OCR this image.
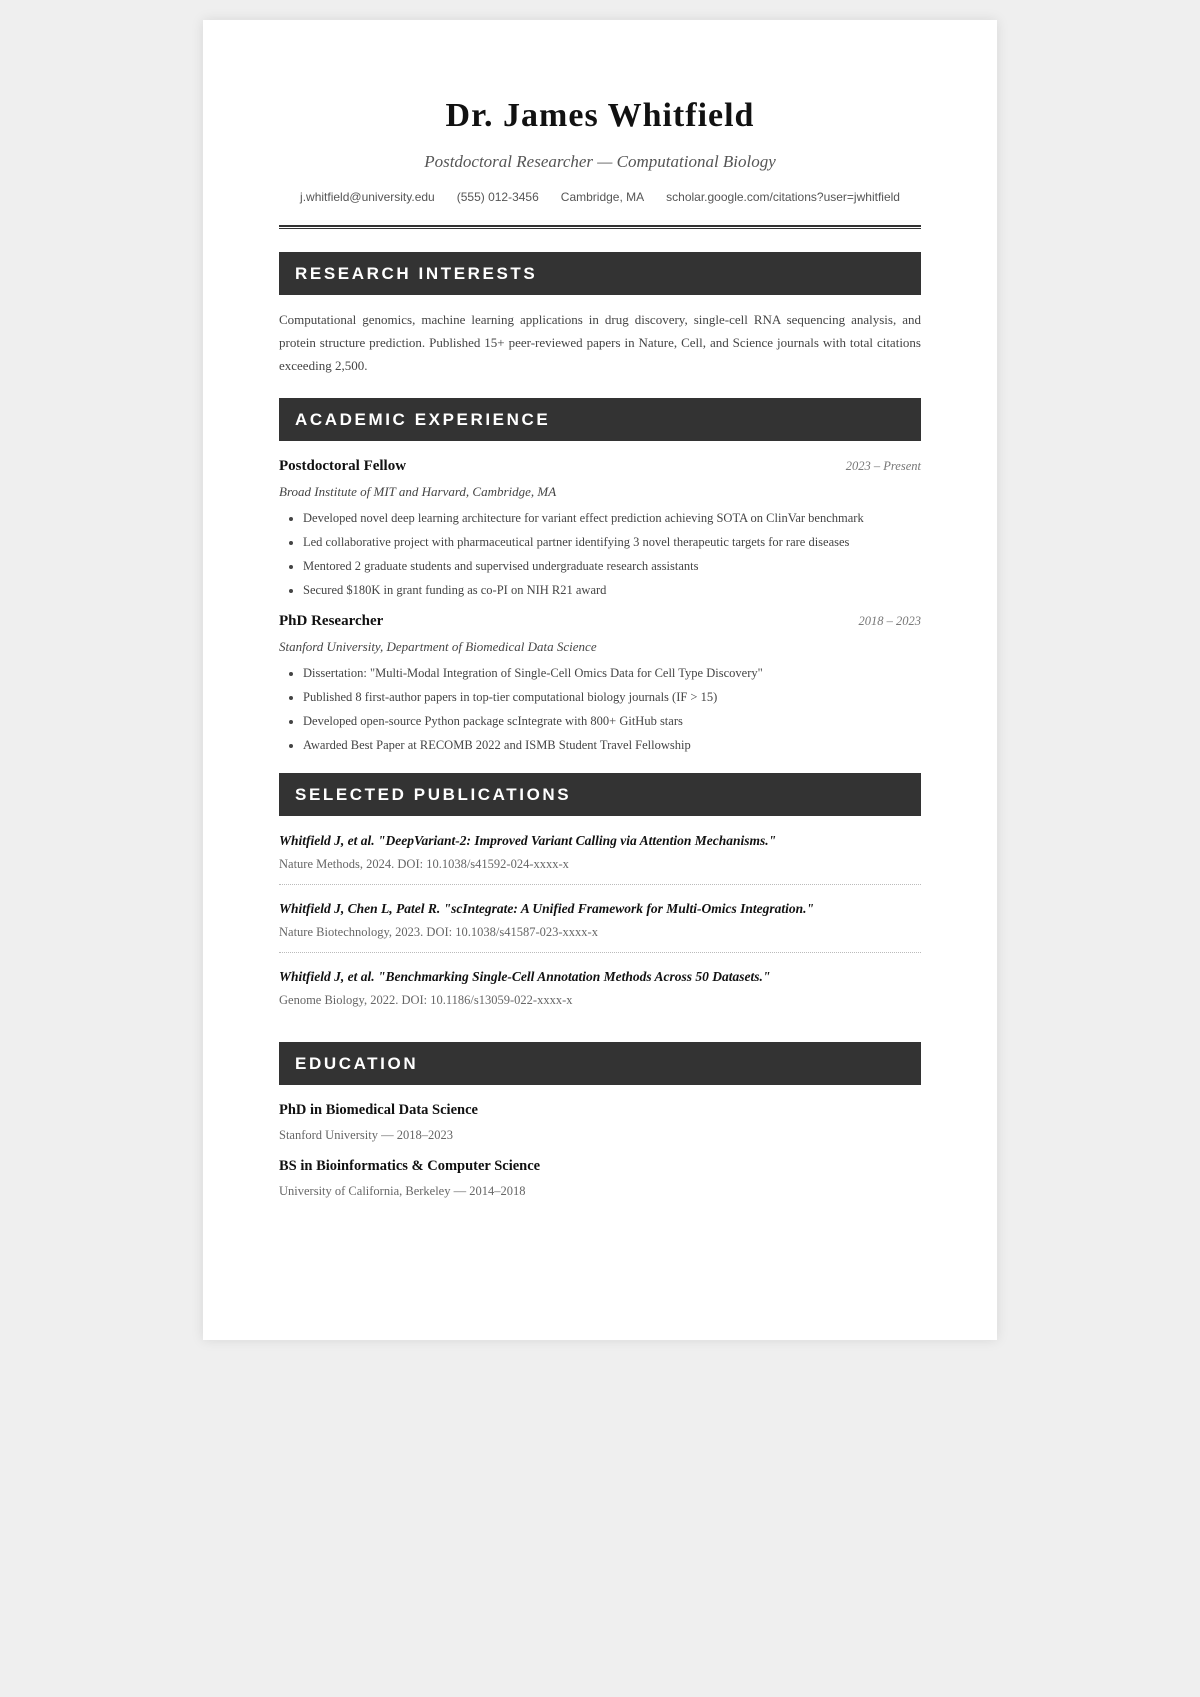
Dr. James Whitfield
Postdoctoral Researcher — Computational Biology
j.whitfield@university.edu (555) 012-3456 Cambridge, MA scholar.google.com/citations?user=jwhitfield
RESEARCH INTERESTS

Computational genomics, machine learning applications in drug discovery, single-cell RNA sequencing analysis, and protein structure prediction. Published 15+ peer-reviewed papers in Nature, Cell, and Science journals with total citations exceeding 2,500.

ACADEMIC EXPERIENCE
Postdoctoral Fellow	2023 – Present
Broad Institute of MIT and Harvard, Cambridge, MA
• Developed novel deep learning architecture for variant effect prediction achieving SOTA on ClinVar benchmark
• Led collaborative project with pharmaceutical partner identifying 3 novel therapeutic targets for rare diseases
• Mentored 2 graduate students and supervised undergraduate research assistants
• Secured $180K in grant funding as co-PI on NIH R21 award
PhD Researcher	2018 – 2023
Stanford University, Department of Biomedical Data Science
• Dissertation: "Multi-Modal Integration of Single-Cell Omics Data for Cell Type Discovery"
• Published 8 first-author papers in top-tier computational biology journals (IF > 15)
• Developed open-source Python package scIntegrate with 800+ GitHub stars
• Awarded Best Paper at RECOMB 2022 and ISMB Student Travel Fellowship
SELECTED PUBLICATIONS
Whitfield J, et al. "DeepVariant-2: Improved Variant Calling via Attention Mechanisms."
Nature Methods, 2024. DOI: 10.1038/s41592-024-xxxx-x
Whitfield J, Chen L, Patel R. "scIntegrate: A Unified Framework for Multi-Omics Integration."
Nature Biotechnology, 2023. DOI: 10.1038/s41587-023-xxxx-x
Whitfield J, et al. "Benchmarking Single-Cell Annotation Methods Across 50 Datasets."
Genome Biology, 2022. DOI: 10.1186/s13059-022-xxxx-x
EDUCATION
PhD in Biomedical Data Science
Stanford University — 2018–2023
BS in Bioinformatics & Computer Science
University of California, Berkeley — 2014–2018
